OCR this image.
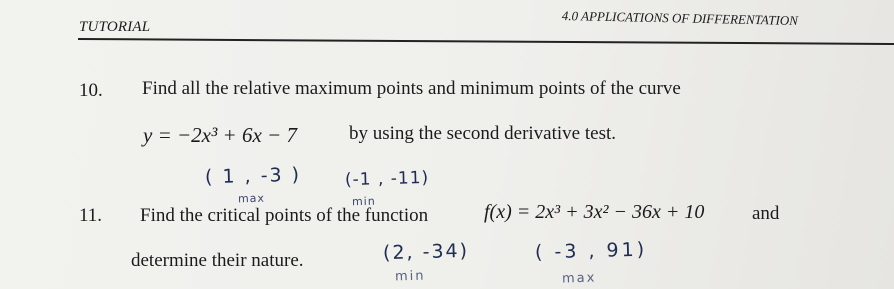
TUTORIAL	4.0 APPLICATIONS OF DIFFERENTATION
10. Find all the relative maximum points and minimum points of the curve
y = −2x³ + 6x − 7	by using the second derivative test.
( 1 , -3 )
max
(-1 , -11)
min
11. Find the critical points of the function	f(x) = 2x³ + 3x² − 36x + 10	and
determine their nature.	(2, -34)
min
( -3 , 91)
max
